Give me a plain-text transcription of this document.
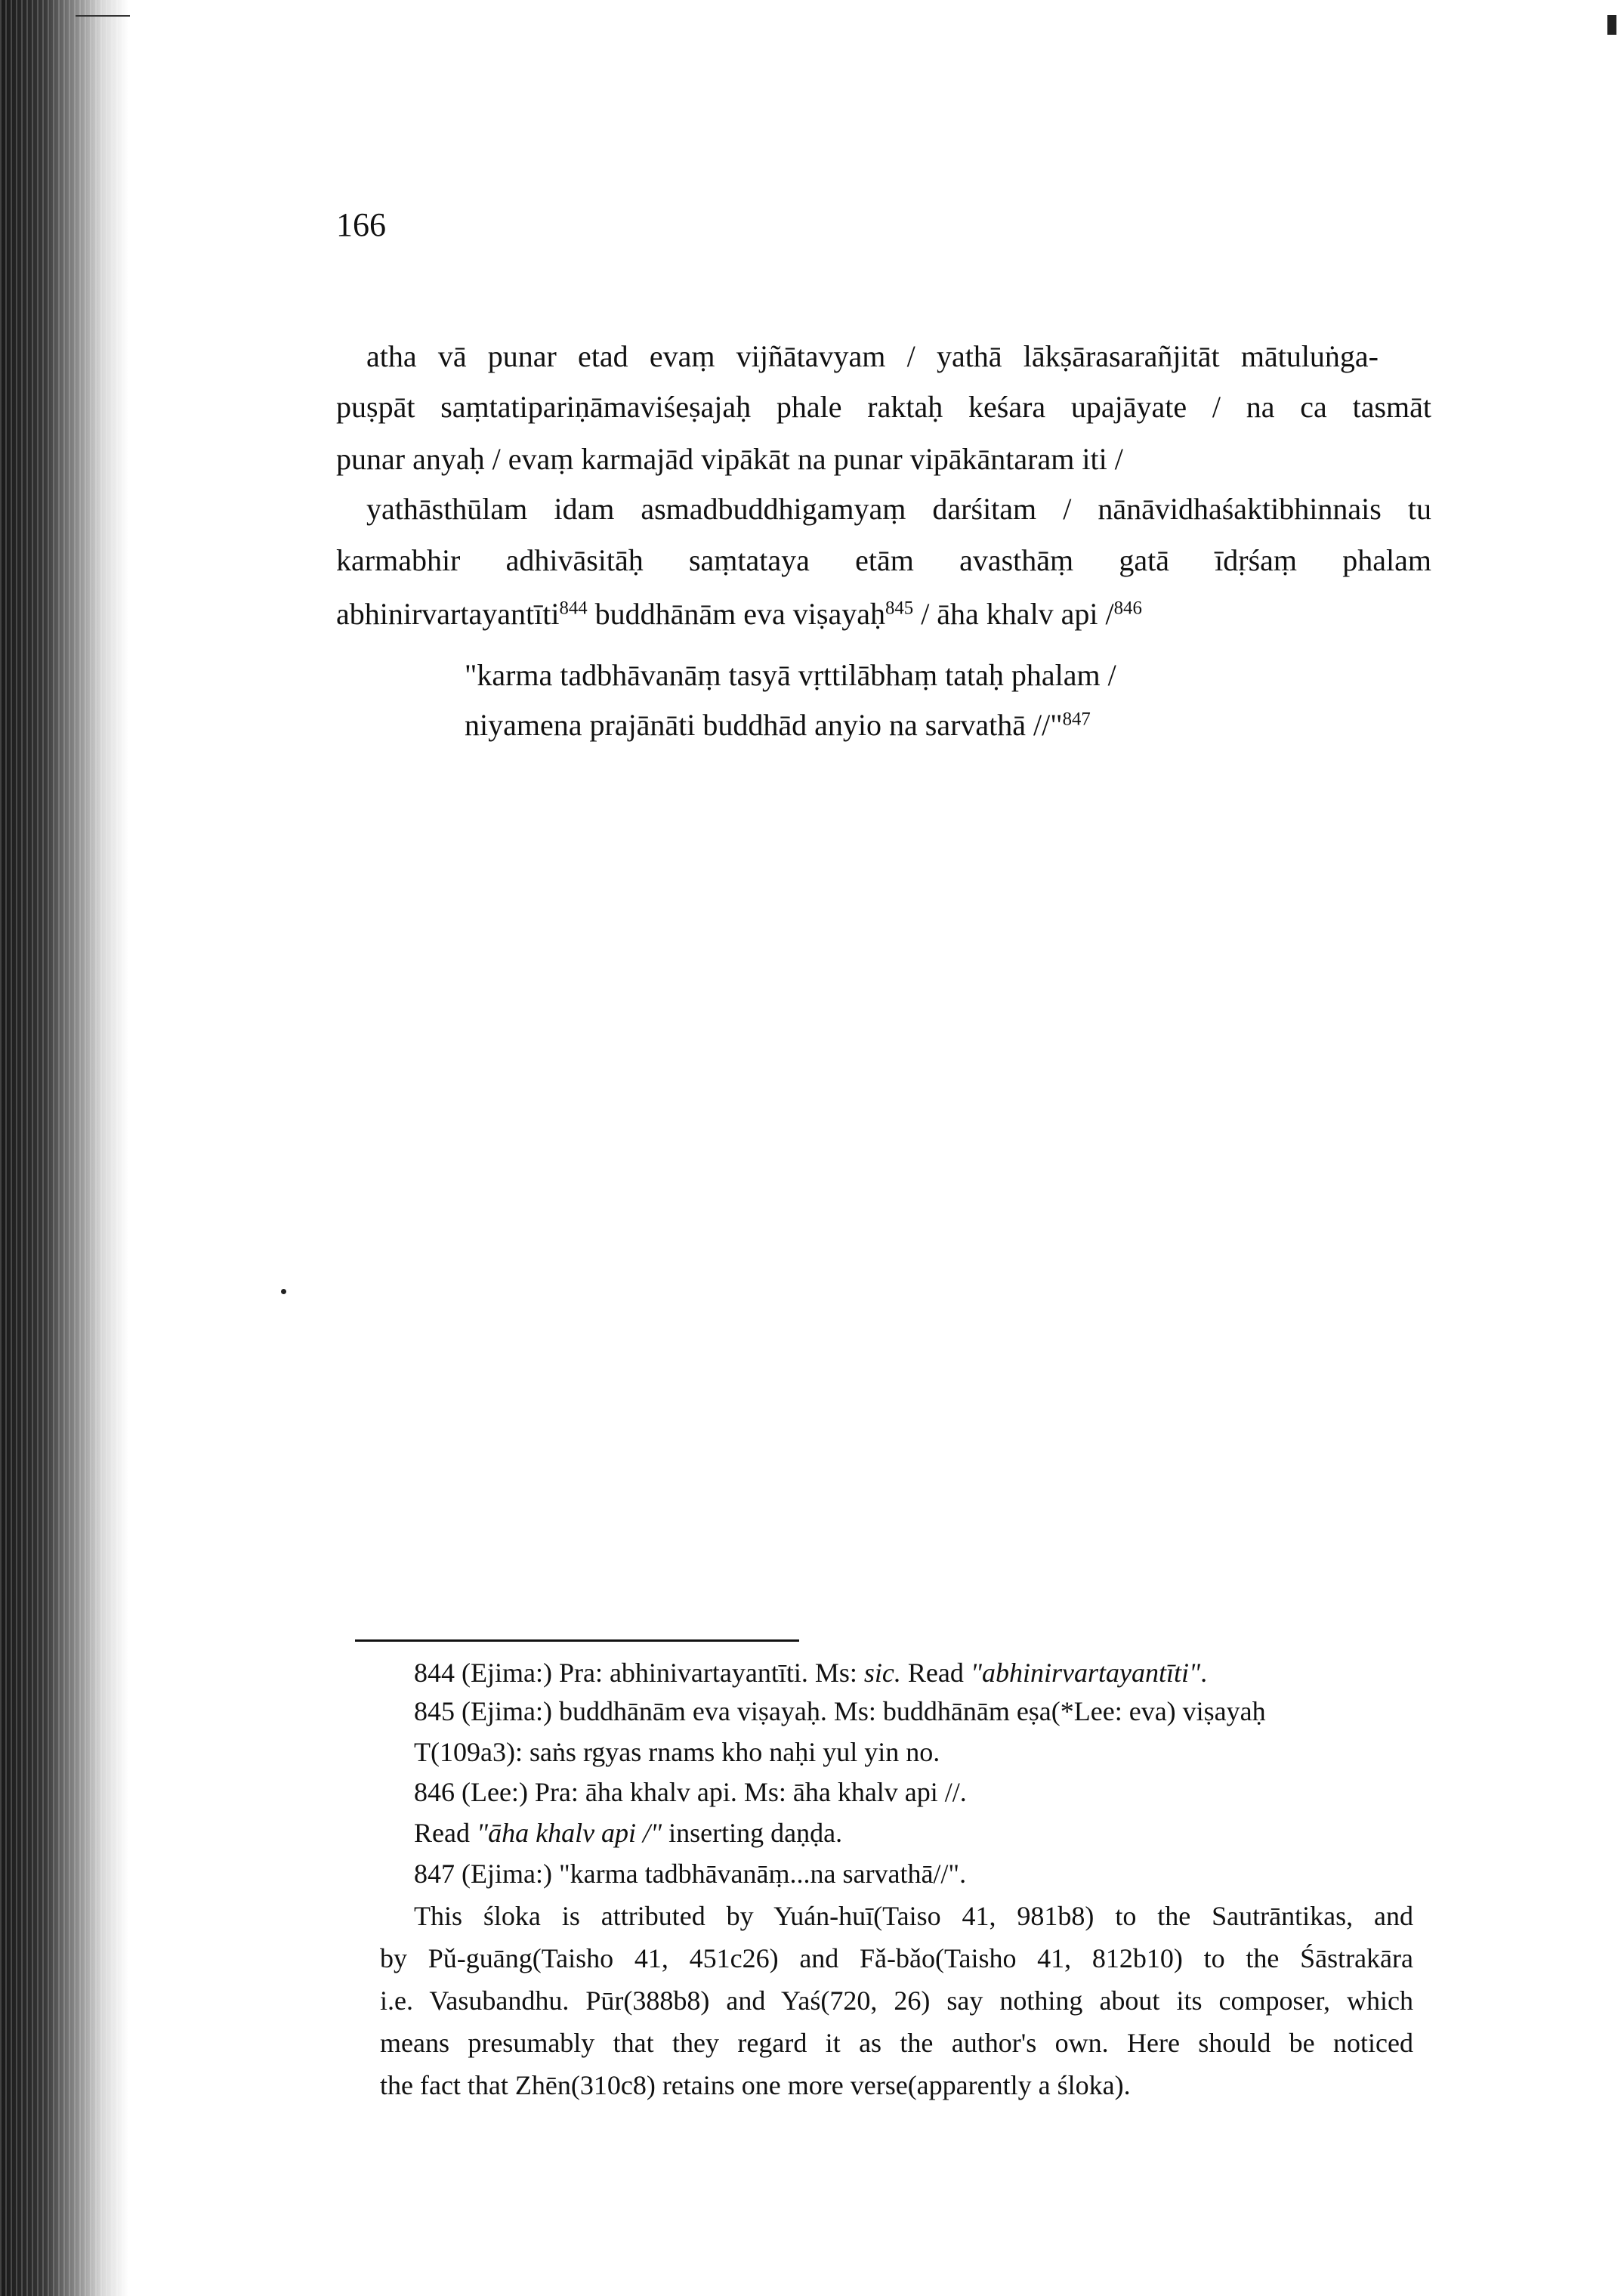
166
atha vā punar etad evaṃ vijñātavyam / yathā lākṣārasarañjitāt mātuluṅga-
puṣpāt saṃtatipariṇāmaviśeṣajaḥ phale raktaḥ keśara upajāyate / na ca tasmāt
punar anyaḥ / evaṃ karmajād vipākāt na punar vipākāntaram iti /
yathāsthūlam idam asmadbuddhigamyaṃ darśitam / nānāvidhaśaktibhinnais tu
karmabhir adhivāsitāḥ saṃtataya etām avasthāṃ gatā īdṛśaṃ phalam
abhinirvartayantīti$^{844}$ buddhānām eva viṣayaḥ$^{845}$ / āha khalv api /$^{846}$
"karma tadbhāvanāṃ tasyā vṛttilābhaṃ tataḥ phalam /
niyamena prajānāti buddhād anyio na sarvathā //"$^{847}$
844 (Ejima:) Pra: abhinivartayantīti. Ms: sic. Read "abhinirvartayantīti".
845 (Ejima:) buddhānām eva viṣayaḥ. Ms: buddhānām eṣa(*Lee: eva) viṣayaḥ
T(109a3): saṅs rgyas rnams kho naḥi yul yin no.
846 (Lee:) Pra: āha khalv api. Ms: āha khalv api //.
Read "āha khalv api /" inserting daṇḍa.
847 (Ejima:) "karma tadbhāvanāṃ...na sarvathā//".
This śloka is attributed by Yuán-huī(Taiso 41, 981b8) to the Sautrāntikas, and
by Pǔ-guāng(Taisho 41, 451c26) and Fǎ-bǎo(Taisho 41, 812b10) to the Śāstrakāra
i.e. Vasubandhu. Pūr(388b8) and Yaś(720, 26) say nothing about its composer, which
means presumably that they regard it as the author's own. Here should be noticed
the fact that Zhēn(310c8) retains one more verse(apparently a śloka).
